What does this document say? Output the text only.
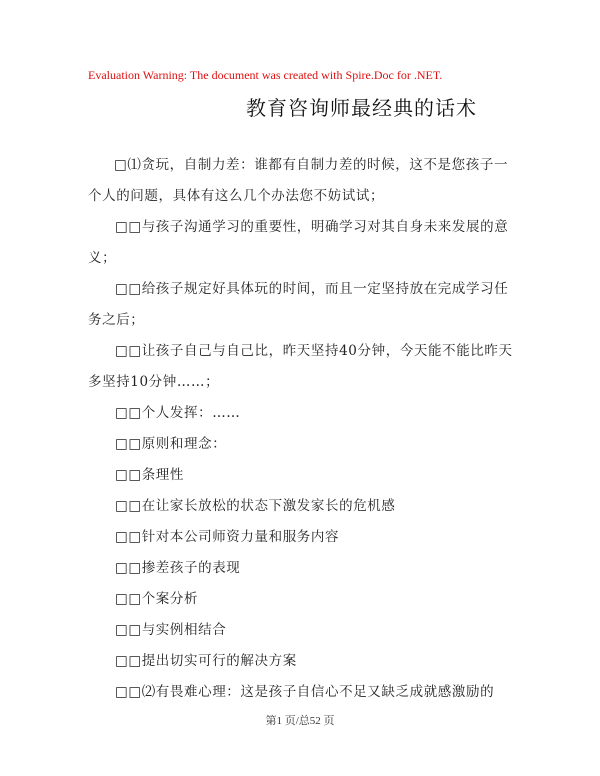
Evaluation Warning: The document was created with Spire.Doc for .NET.
教育咨询师最经典的话术

□⑴贪玩，自制力差：谁都有自制力差的时候，这不是您孩子一个人的问题，具体有这么几个办法您不妨试试；

□□与孩子沟通学习的重要性，明确学习对其自身未来发展的意义；

□□给孩子规定好具体玩的时间，而且一定坚持放在完成学习任务之后；

□□让孩子自己与自己比，昨天坚持40分钟，今天能不能比昨天多坚持10分钟……；

□□个人发挥：……

□□原则和理念：

□□条理性

□□在让家长放松的状态下激发家长的危机感

□□针对本公司师资力量和服务内容

□□掺差孩子的表现

□□个案分析

□□与实例相结合

□□提出切实可行的解决方案

□□⑵有畏难心理：这是孩子自信心不足又缺乏成就感激励的

第1 页/总52 页
